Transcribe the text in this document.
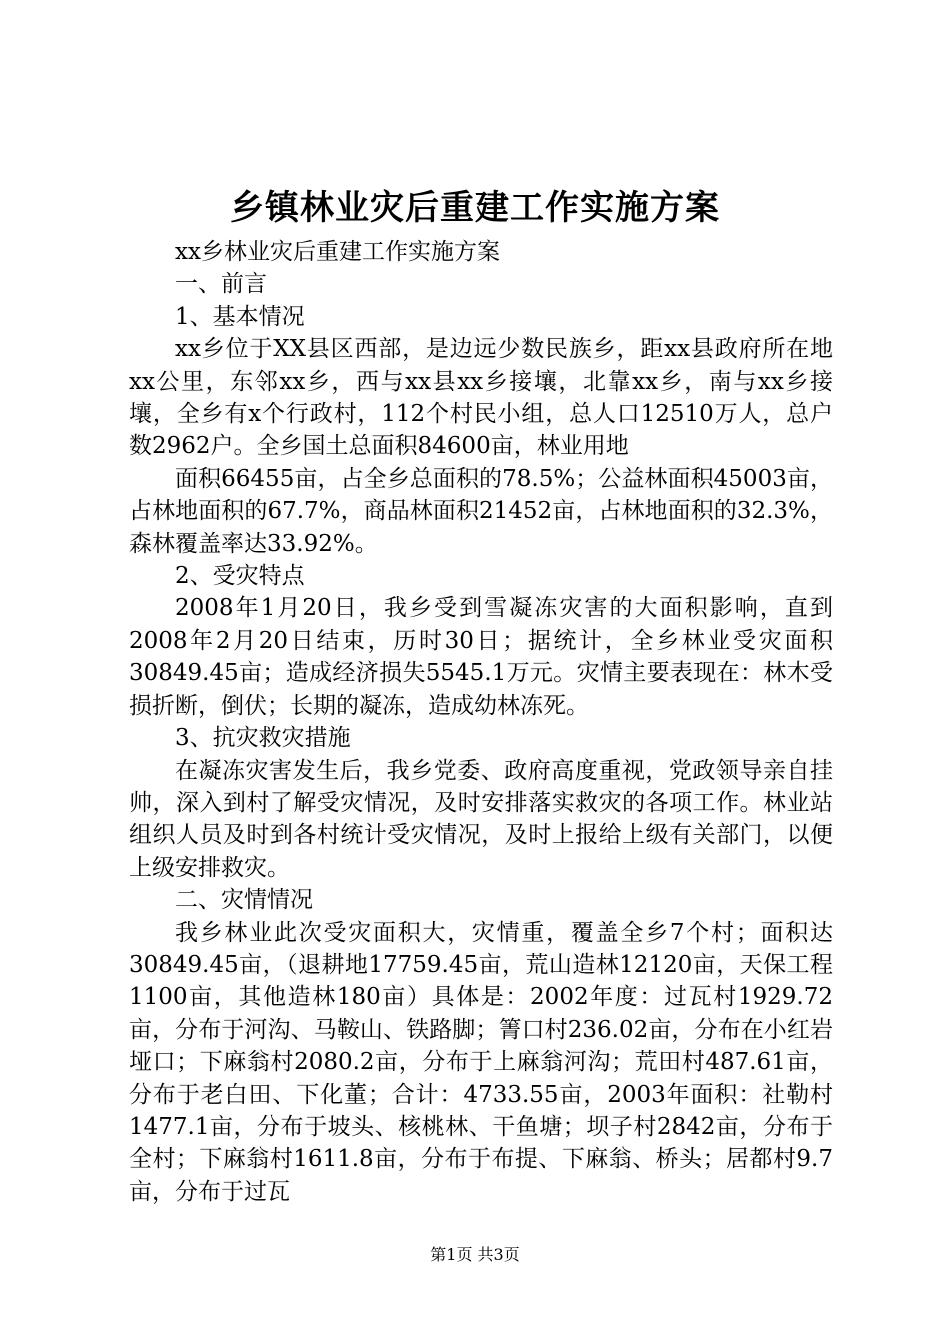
乡镇林业灾后重建工作实施方案

xx乡林业灾后重建工作实施方案

一、前言

1、基本情况

xx乡位于XX县区西部，是边远少数民族乡，距xx县政府所在地xx公里，东邻xx乡，西与xx县xx乡接壤，北靠xx乡，南与xx乡接壤，全乡有x个行政村，112个村民小组，总人口12510万人，总户数2962户。全乡国土总面积84600亩，林业用地

面积66455亩，占全乡总面积的78.5%；公益林面积45003亩，占林地面积的67.7%，商品林面积21452亩，占林地面积的32.3%，森林覆盖率达33.92%。

2、受灾特点

2008年1月20日，我乡受到雪凝冻灾害的大面积影响，直到2008年2月20日结束，历时30日；据统计，全乡林业受灾面积30849.45亩；造成经济损失5545.1万元。灾情主要表现在：林木受损折断，倒伏；长期的凝冻，造成幼林冻死。

3、抗灾救灾措施

在凝冻灾害发生后，我乡党委、政府高度重视，党政领导亲自挂帅，深入到村了解受灾情况，及时安排落实救灾的各项工作。林业站组织人员及时到各村统计受灾情况，及时上报给上级有关部门，以便上级安排救灾。

二、灾情情况

我乡林业此次受灾面积大，灾情重，覆盖全乡7个村；面积达30849.45亩，（退耕地17759.45亩，荒山造林12120亩，天保工程1100亩，其他造林180亩）具体是：2002年度：过瓦村1929.72亩，分布于河沟、马鞍山、铁路脚；箐口村236.02亩，分布在小红岩垭口；下麻翁村2080.2亩，分布于上麻翁河沟；荒田村487.61亩，分布于老白田、下化董；合计：4733.55亩，2003年面积：社勒村1477.1亩，分布于坡头、核桃林、干鱼塘；坝子村2842亩，分布于全村；下麻翁村1611.8亩，分布于布提、下麻翁、桥头；居都村9.7亩，分布于过瓦

第1页 共3页
